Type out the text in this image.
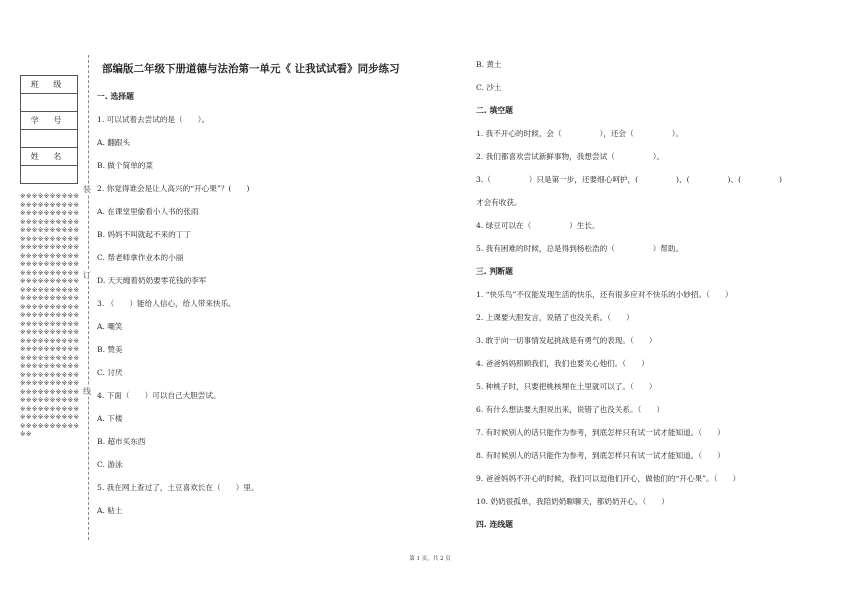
班 级

学 号

姓 名

※※※※※※※※※※※※※※※※※※※※※※※※※※※※※※※※※※※※※※※※※※※※※※※※※※※※※※※※※※※※※※※※※※※※※※※※※※※※※※※※※※※※※※※※※※※※※※※※※※※※※※※※※※※※※※※※※※※※※※※※※※※※※※※※※※※※※※※※※※※※※※※※※※※※※※※※※※※※※※※※※※※※※※※※※※※※※※※※※※※※※※※※※※※※※※※※※※※※※※※※※※※※※※※※※※※※※※※※※※※※※※※※※※※※※※※※※※※※※※※※※※※※※※※※※※※※※※※※※※※※※※※※※※※※※※※※※※※※※※※※※※
装
订
线
部编版二年级下册道德与法治第一单元《 让我试试看》同步练习
一. 选择题
1. 可以试着去尝试的是（　　）。
A. 翻跟头
B. 做个简单的菜
2. 你觉得谁会是让人高兴的“开心果”？(　　)
A. 在课堂里偷看小人书的张雨
B. 妈妈不叫就起不来的丁丁
C. 帮老师拿作业本的小丽
D. 天天缠着奶奶要零花钱的李军
3. （　　）能给人信心，给人带来快乐。
A. 嘲笑
B. 赞美
C. 讨厌
4. 下面（　　）可以自己大胆尝试。
A. 下楼
B. 超市买东西
C. 游泳
5. 我在网上查过了，土豆喜欢长在（　　）里。
A. 粘土
B. 黄土
C. 沙土
二. 填空题
1. 我不开心的时候，会（　　　　　），还会（　　　　　）。
2. 我们都喜欢尝试新鲜事物，我想尝试（　　　　　）。
3.（　　　　　）只是第一步，还要细心呵护，(　　　　　)、(　　　　　)、(　　　　　)
才会有收获。
4. 绿豆可以在（　　　　　）生长。
5. 我有困难的时候，总是得到杨松浩的（　　　　　）帮助。
三. 判断题
1. “快乐鸟”不仅能发现生活的快乐，还有很多应对不快乐的小妙招。（　　）
2. 上课要大胆发言，说错了也没关系。（　　）
3. 敢于向一切事情发起挑战是有勇气的表现。（　　）
4. 爸爸妈妈照顾我们，我们也要关心他们。（　　）
5. 种桃子时，只要把桃核埋在土里就可以了。（　　）
6. 有什么想法要大胆说出来，说错了也没关系。（　　）
7. 有时候别人的话只能作为参考，到底怎样只有试一试才能知道。（　　）
8. 有时候别人的话只能作为参考，到底怎样只有试一试才能知道。（　　）
9. 爸爸妈妈不开心的时候，我们可以逗他们开心，做他们的“开心果”。（　　）
10. 奶奶很孤单，我陪奶奶聊聊天，都奶奶开心。（　　）
四. 连线题
第 1 页，共 2 页
